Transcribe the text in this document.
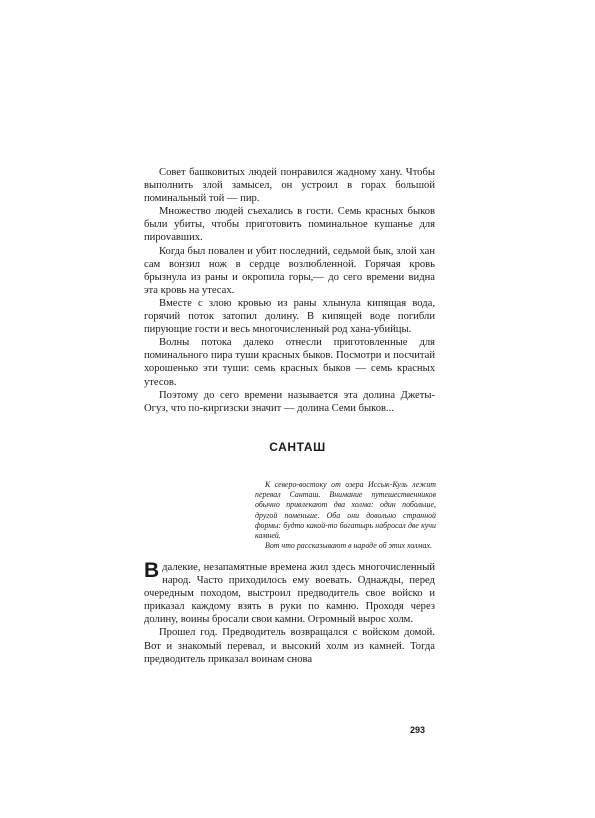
Совет башковитых людей понравился жадному хану. Чтобы выполнить злой замысел, он устроил в горах большой поминальный той — пир.

Множество людей съехались в гости. Семь красных быков были убиты, чтобы приготовить поминальное кушанье для пирovавших.

Когда был повален и убит последний, седьмой бык, злой хан сам вонзил нож в сердце возлюбленной. Горячая кровь брызнула из раны и окропила горы,— до сего времени видна эта кровь на утесах.

Вместе с злою кровью из раны хлынула кипящая вода, горячий поток затопил долину. В кипящей воде погибли пирующие гости и весь многочисленный род хана-убийцы.

Волны потока далеко отнесли приготовленные для поминального пира туши красных быков. Посмотри и посчитай хорошенько эти туши: семь красных быков — семь красных утесов.

Поэтому до сего времени называется эта долина Джеты-Огуз, что по-киргизски значит — долина Семи быков...

САНТАШ

К северо-востоку от озера Иссык-Куль лежит перевал Санташ. Внимание путешественников обычно привлекают два холма: один побольше, другой поменьше. Оба они довольно странной формы: будто какой-то богатырь набросал две кучи камней.

Вот что рассказывают в народе об этих холмах.

В далекие, незапамятные времена жил здесь многочисленный народ. Часто приходилось ему воевать. Однажды, перед очередным походом, выстроил предводитель свое войско и приказал каждому взять в руки по камню. Проходя через долину, воины бросали свои камни. Огромный вырос холм.

Прошел год. Предводитель возвращался с войском домой. Вот и знакомый перевал, и высокий холм из камней. Тогда предводитель приказал воинам снова

293
